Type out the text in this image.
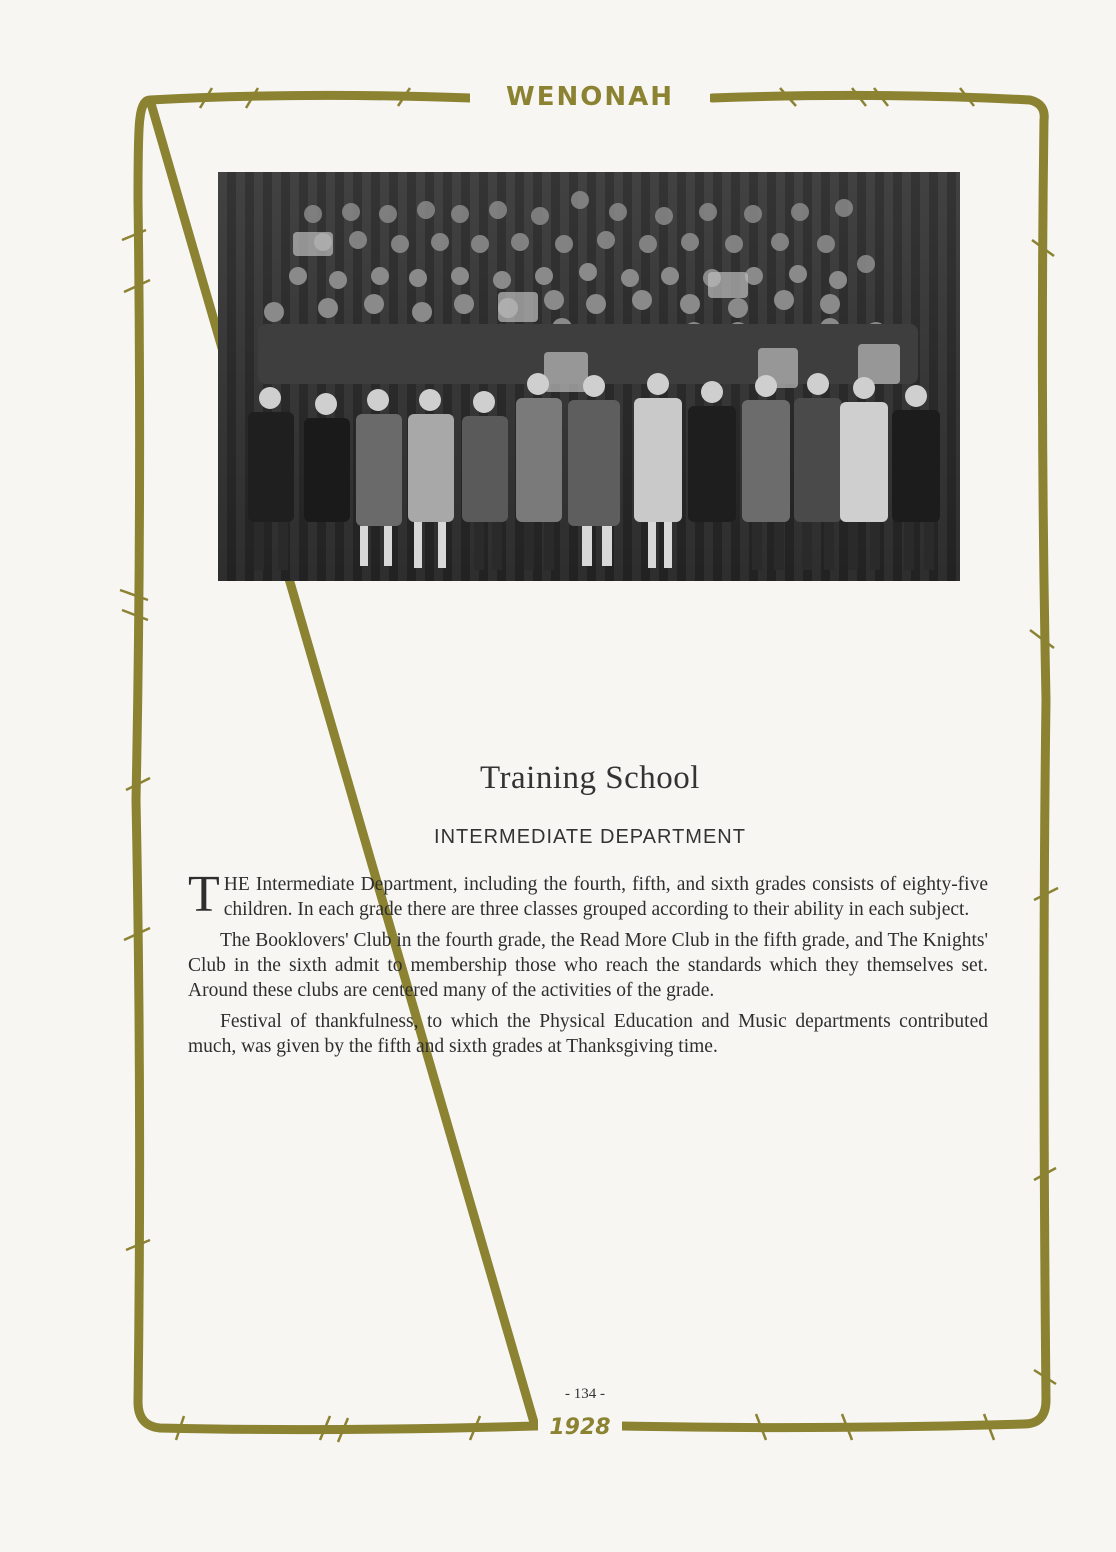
WENONAH
1928
Training School
INTERMEDIATE DEPARTMENT

THE Intermediate Department, including the fourth, fifth, and sixth grades consists of eighty-five children. In each grade there are three classes grouped according to their ability in each subject.

The Booklovers' Club in the fourth grade, the Read More Club in the fifth grade, and The Knights' Club in the sixth admit to membership those who reach the standards which they themselves set. Around these clubs are centered many of the activities of the grade.

Festival of thankfulness, to which the Physical Education and Music departments contributed much, was given by the fifth and sixth grades at Thanksgiving time.

- 134 -
